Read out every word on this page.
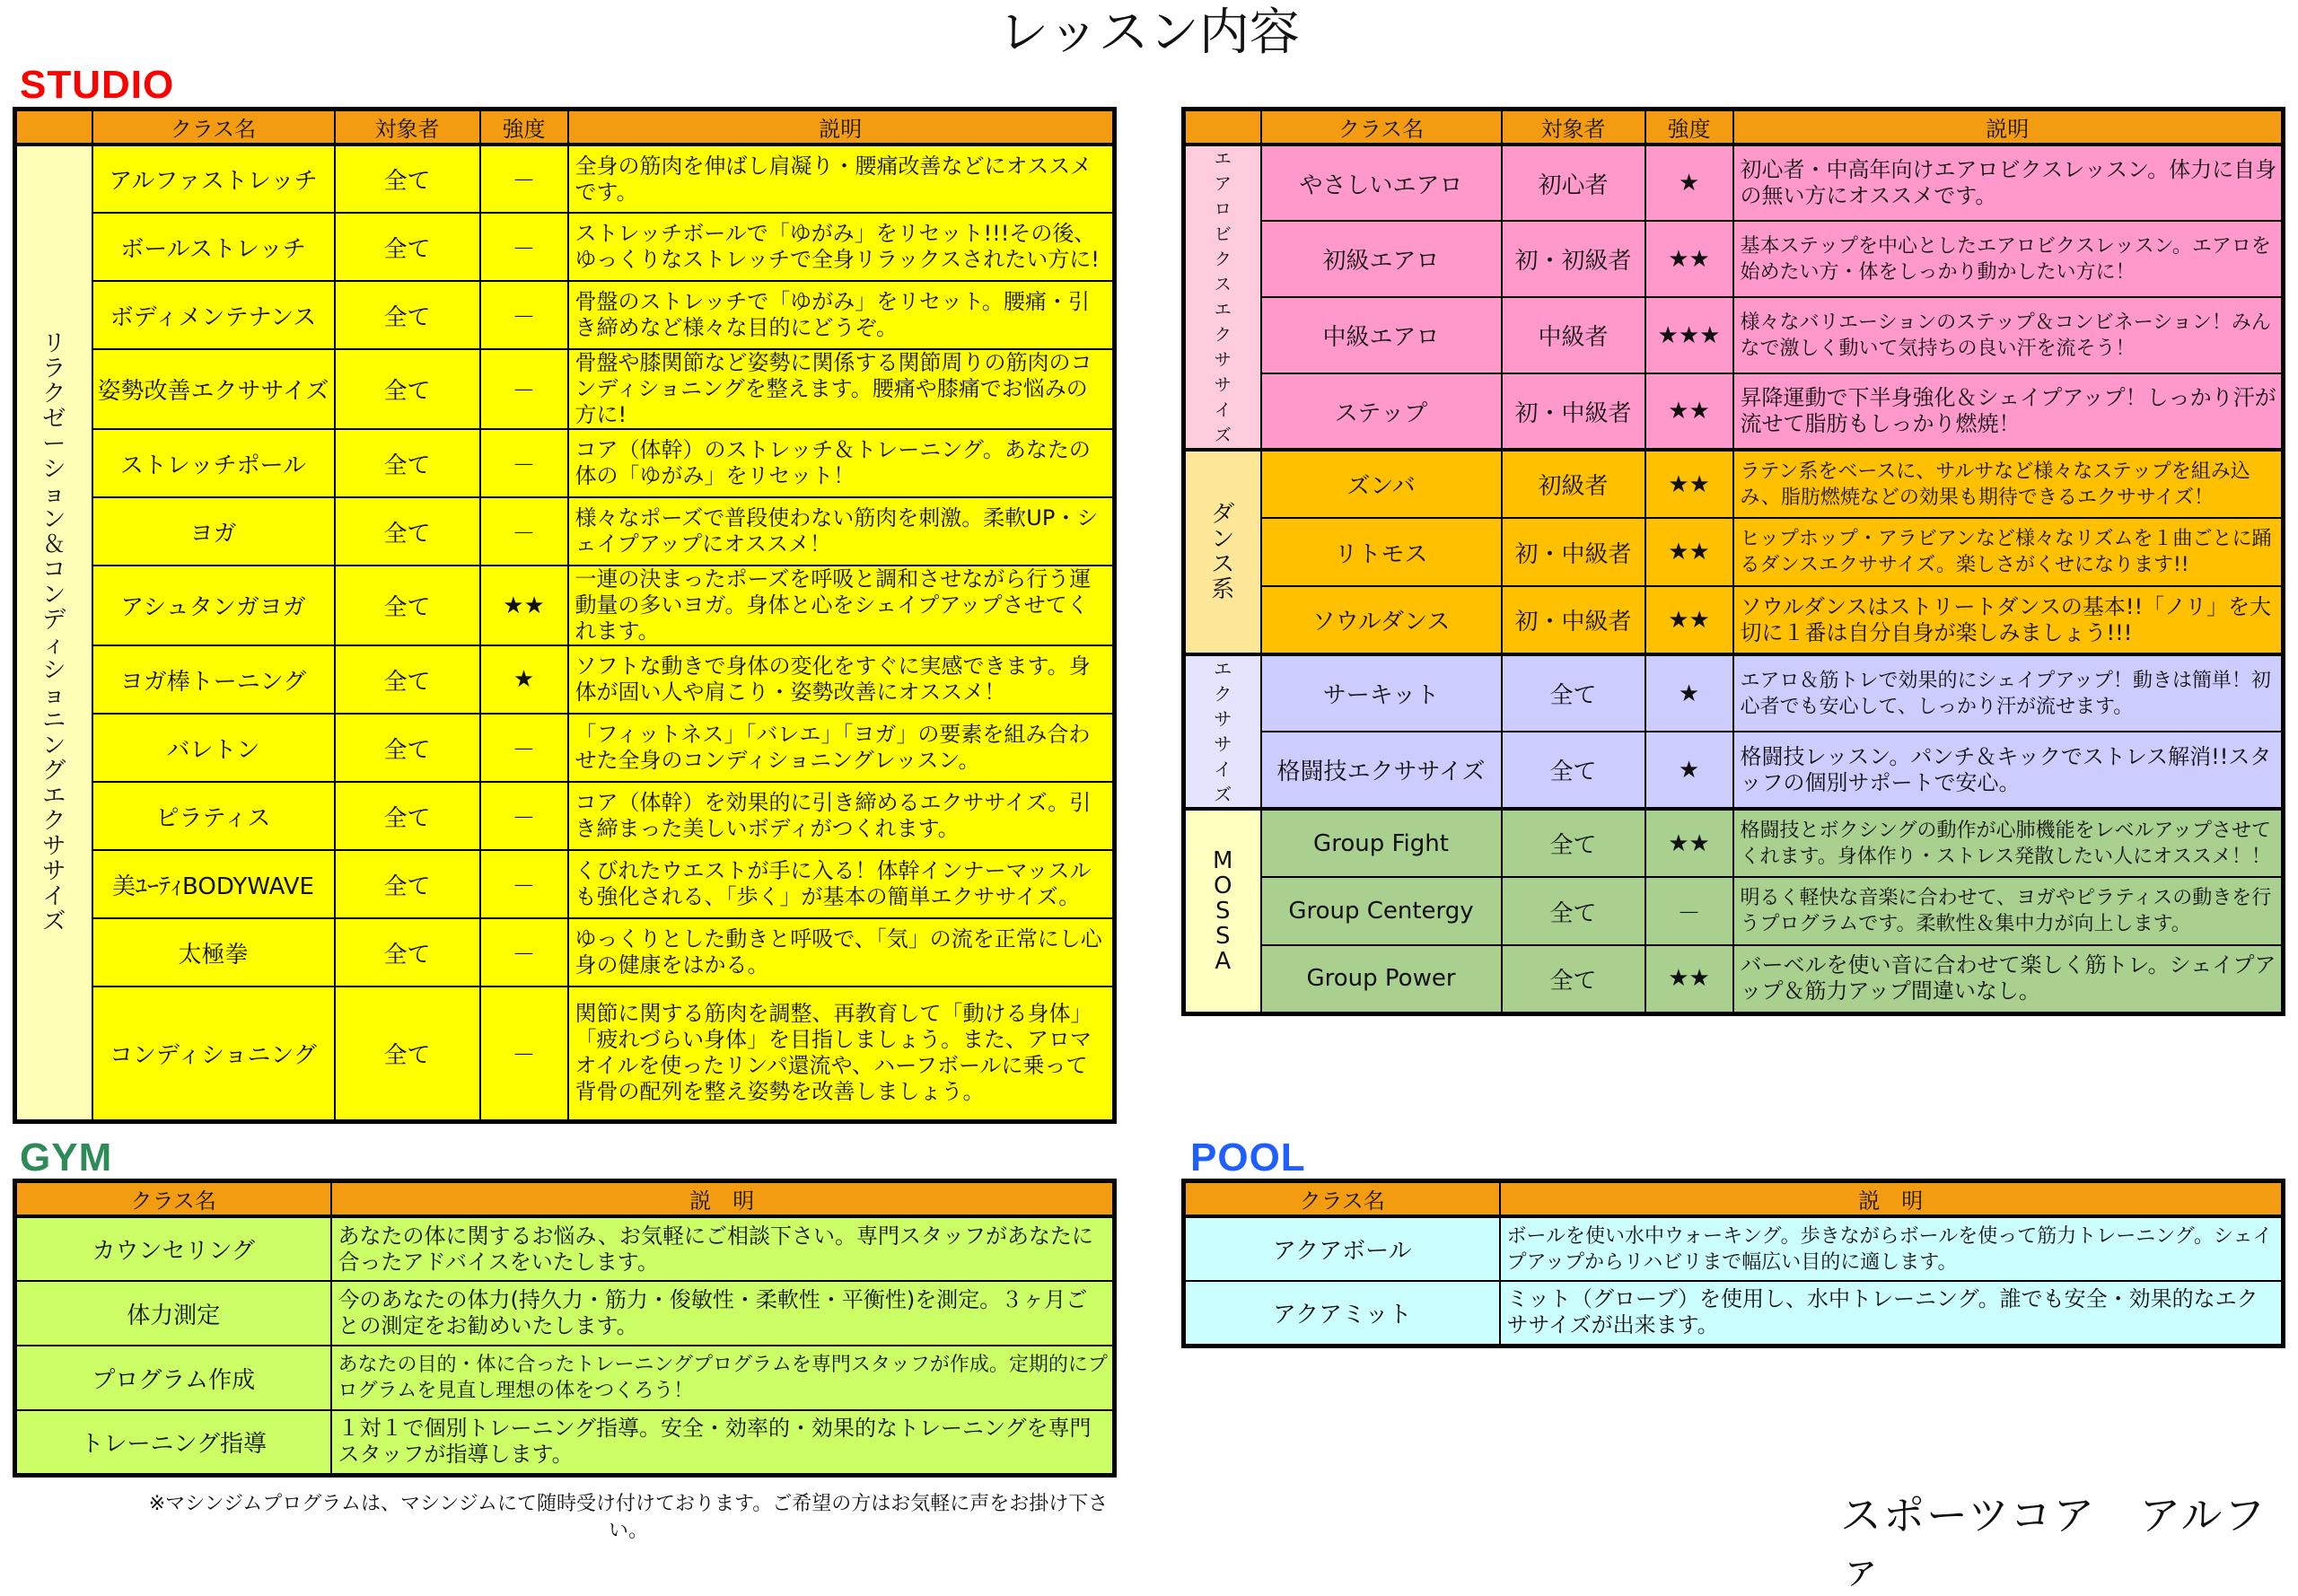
レッスン内容
STUDIO
GYM	POOL
	クラス名	対象者	強度	説明
リラクゼーション＆コンディショニング　エクササイズ	アルファストレッチ	全て	－	全身の筋肉を伸ばし肩凝り・腰痛改善などにオススメです。
	ボールストレッチ	全て	－	ストレッチボールで「ゆがみ」をリセット!!!その後、ゆっくりなストレッチで全身リラックスされたい方に!
	ボディメンテナンス	全て	－	骨盤のストレッチで「ゆがみ」をリセット。腰痛・引き締めなど様々な目的にどうぞ。
	姿勢改善エクササイズ	全て	－	骨盤や膝関節など姿勢に関係する関節周りの筋肉のコンディショニングを整えます。腰痛や膝痛でお悩みの方に!
	ストレッチポール	全て	－	コア（体幹）のストレッチ＆トレーニング。あなたの体の「ゆがみ」をリセット！
	ヨガ	全て	－	様々なポーズで普段使わない筋肉を刺激。柔軟UP・シェイプアップにオススメ！
	アシュタンガヨガ	全て	★★	一連の決まったポーズを呼吸と調和させながら行う運動量の多いヨガ。身体と心をシェイプアップさせてくれます。
	ヨガ棒トーニング	全て	★	ソフトな動きで身体の変化をすぐに実感できます。身体が固い人や肩こり・姿勢改善にオススメ！
	バレトン	全て	－	「フィットネス」「バレエ」「ヨガ」の要素を組み合わせた全身のコンディショニングレッスン。
	ピラティス	全て	－	コア（体幹）を効果的に引き締めるエクササイズ。引き締まった美しいボディがつくれます。
	美ﾕｰﾃｨBODYWAVE	全て	－	くびれたウエストが手に入る！体幹インナーマッスルも強化される、「歩く」が基本の簡単エクササイズ。
	太極拳	全て	－	ゆっくりとした動きと呼吸で、「気」の流を正常にし心身の健康をはかる。
	コンディショニング	全て	－	関節に関する筋肉を調整、再教育して「動ける身体」「疲れづらい身体」を目指しましょう。また、アロマオイルを使ったリンパ還流や、ハーフボールに乗って背骨の配列を整え姿勢を改善しましょう。
	クラス名	対象者	強度	説明
エアロビクスエクササイズ	やさしいエアロ	初心者	★	初心者・中高年向けエアロビクスレッスン。体力に自身の無い方にオススメです。
	初級エアロ	初・初級者	★★	基本ステップを中心としたエアロビクスレッスン。エアロを始めたい方・体をしっかり動かしたい方に！
	中級エアロ	中級者	★★★	様々なバリエーションのステップ＆コンビネーション！みんなで激しく動いて気持ちの良い汗を流そう！
	ステップ	初・中級者	★★	昇降運動で下半身強化＆シェイプアップ！しっかり汗が流せて脂肪もしっかり燃焼！
ダンス系	ズンバ	初級者	★★	ラテン系をベースに、サルサなど様々なステップを組み込み、脂肪燃焼などの効果も期待できるエクササイズ！
	リトモス	初・中級者	★★	ヒップホップ・アラビアンなど様々なリズムを１曲ごとに踊るダンスエクササイズ。楽しさがくせになります!!
	ソウルダンス	初・中級者	★★	ソウルダンスはストリートダンスの基本!!「ノリ」を大切に１番は自分自身が楽しみましょう!!!
エクササイズ	サーキット	全て	★	エアロ＆筋トレで効果的にシェイプアップ！動きは簡単！初心者でも安心して、しっかり汗が流せます。
	格闘技エクササイズ	全て	★	格闘技レッスン。パンチ＆キックでストレス解消!!スタッフの個別サポートで安心。
MOSSA	Group Fight	全て	★★	格闘技とボクシングの動作が心肺機能をレベルアップさせてくれます。身体作り・ストレス発散したい人にオススメ！！
	Group Centergy	全て	－	明るく軽快な音楽に合わせて、ヨガやピラティスの動きを行うプログラムです。柔軟性＆集中力が向上します。
	Group Power	全て	★★	バーベルを使い音に合わせて楽しく筋トレ。シェイプアップ＆筋力アップ間違いなし。
クラス名	説　明
カウンセリング	あなたの体に関するお悩み、お気軽にご相談下さい。専門スタッフがあなたに合ったアドバイスをいたします。
体力測定	今のあなたの体力(持久力・筋力・俊敏性・柔軟性・平衡性)を測定。３ヶ月ごとの測定をお勧めいたします。
プログラム作成	あなたの目的・体に合ったトレーニングプログラムを専門スタッフが作成。定期的にプログラムを見直し理想の体をつくろう！
トレーニング指導	１対１で個別トレーニング指導。安全・効率的・効果的なトレーニングを専門スタッフが指導します。
※マシンジムプログラムは、マシンジムにて随時受け付けております。ご希望の方はお気軽に声をお掛け下さい。
クラス名	説　明
アクアボール	ボールを使い水中ウォーキング。歩きながらボールを使って筋力トレーニング。シェイプアップからリハビリまで幅広い目的に適します。
アクアミット	ミット（グローブ）を使用し、水中トレーニング。誰でも安全・効果的なエクササイズが出来ます。
スポーツコア　アルファ
